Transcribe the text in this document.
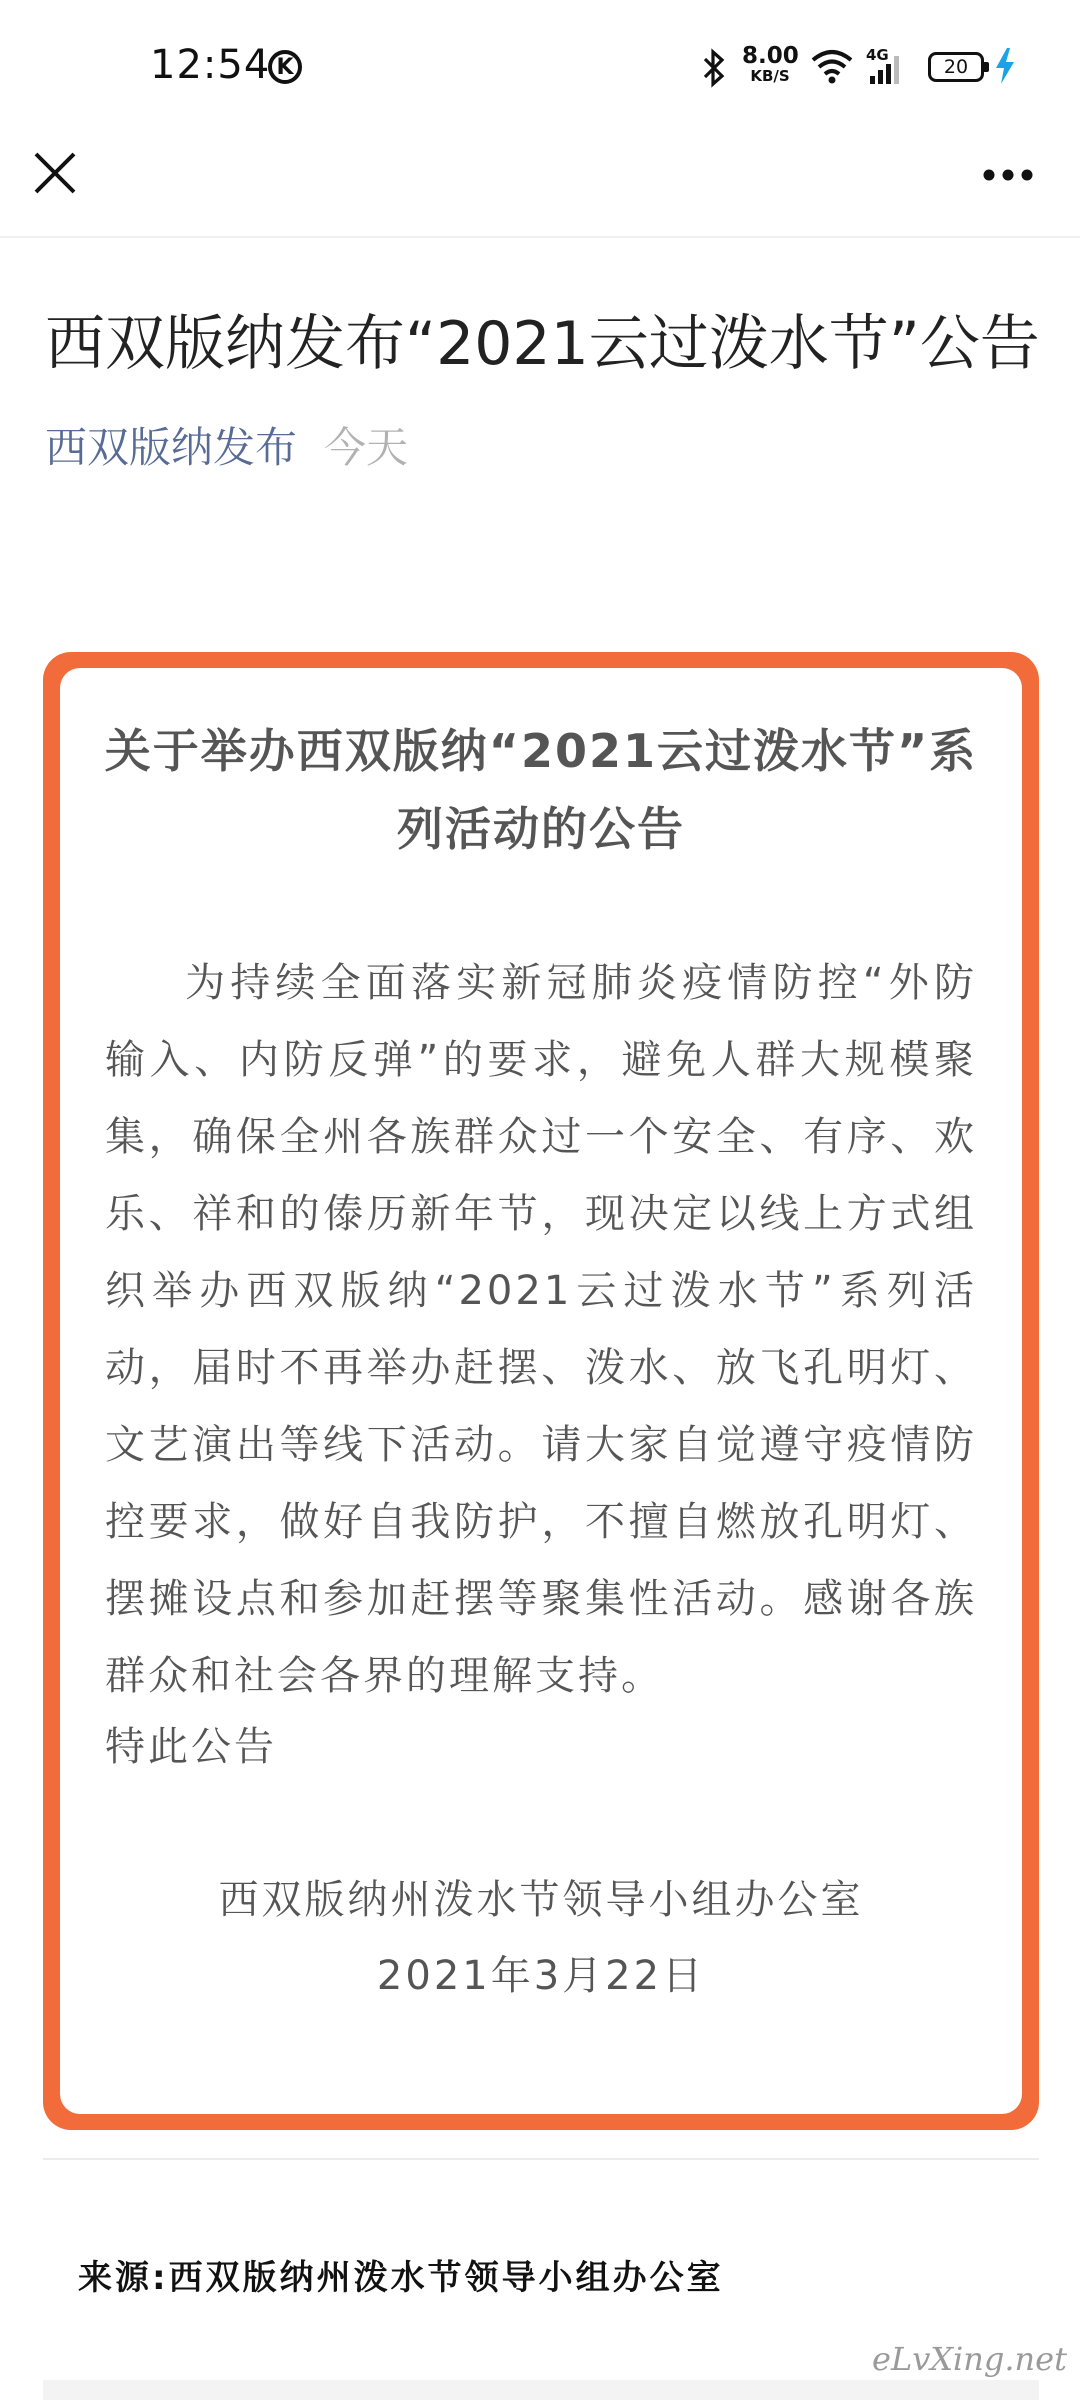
12:54 K	8.00
KB/S
4G
20
西双版纳发布“2021云过泼水节”公告
西双版纳发布 今天
关于举办西双版纳“2021云过泼水节”系列活动的公告
为持续全面落实新冠肺炎疫情防控“外防输入、内防反弹”的要求，避免人群大规模聚集，确保全州各族群众过一个安全、有序、欢乐、祥和的傣历新年节，现决定以线上方式组织举办西双版纳“2021云过泼水节”系列活动，届时不再举办赶摆、泼水、放飞孔明灯、文艺演出等线下活动。请大家自觉遵守疫情防控要求，做好自我防护，不擅自燃放孔明灯、摆摊设点和参加赶摆等聚集性活动。感谢各族群众和社会各界的理解支持。
特此公告
西双版纳州泼水节领导小组办公室
2021年3月22日
来源:西双版纳州泼水节领导小组办公室
eLvXing.net
